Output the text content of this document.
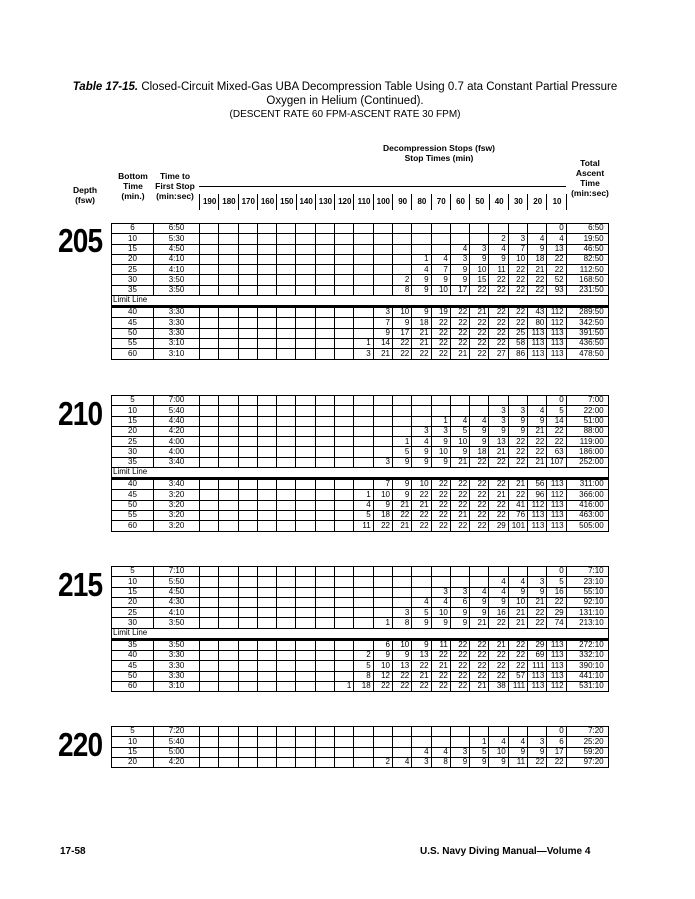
Table 17-15. Closed-Circuit Mixed-Gas UBA Decompression Table Using 0.7 ata Constant Partial Pressure
Oxygen in Helium (Continued).
(DESCENT RATE 60 FPM-ASCENT RATE 30 FPM)
Depth
(fsw)
Bottom
Time
(min.)
Time to
First Stop
(min:sec)
Decompression Stops (fsw)
Stop Times (min)	Total
Ascent
Time
(min:sec)
190 180 170 160 150 140 130 120 110 100	90	80	70	60	50	40	30	20	10
205	6	6:50																			0	6:50
10	5:30																2	3	4	4	19:50
15	4:50														4	3	4	7	9	13	46:50
20	4:10												1	4	3	9	9	10	18	22	82:50
25	4:10												4	7	9	10	11	22	21	22	112:50
30	3:50											2	9	9	9	15	22	22	22	52	168:50
35	3:50											8	9	10	17	22	22	22	22	93	231:50
Limit Line																					
40	3:30										3	10	9	19	22	21	22	22	43	112	289:50
45	3:30										7	9	18	22	22	22	22	22	80	112	342:50
50	3:30										9	17	21	22	22	22	22	25	113	113	391:50
55	3:10									1	14	22	21	22	22	22	22	58	113	113	436:50
60	3:10									3	21	22	22	22	21	22	27	86	113	113	478:50
210	5	7:00																			0	7:00
10	5:40																3	3	4	5	22:00
15	4:40													1	4	4	3	9	9	14	51:00
20	4:20												3	3	5	9	9	9	21	22	88:00
25	4:00											1	4	9	10	9	13	22	22	22	119:00
30	4:00											5	9	10	9	18	21	22	22	63	186:00
35	3:40										3	9	9	9	21	22	22	22	21	107	252:00
Limit Line																					
40	3:40										7	9	10	22	22	22	22	21	56	113	311:00
45	3:20									1	10	9	22	22	22	22	21	22	96	112	366:00
50	3:20									4	9	21	21	22	22	22	22	41	112	113	416:00
55	3:20									5	18	22	22	22	21	22	22	76	113	113	463:00
60	3:20									11	22	21	22	22	22	22	29	101	113	113	505:00
215	5	7:10																			0	7:10
10	5:50																4	4	3	5	23:10
15	4:50													3	3	4	4	9	9	16	55:10
20	4:30												4	4	6	9	9	10	21	22	92:10
25	4:10											3	5	10	9	9	16	21	22	29	131:10
30	3:50										1	8	9	9	9	21	22	21	22	74	213:10
Limit Line																					
35	3:50										6	10	9	11	22	22	21	22	29	113	272:10
40	3:30									2	9	9	13	22	22	22	22	22	69	113	332:10
45	3:30									5	10	13	22	21	22	22	22	22	111	113	390:10
50	3:30									8	12	22	21	22	22	22	22	57	113	113	441:10
60	3:10								1	18	22	22	22	22	22	21	38	111	113	112	531:10
220	5	7:20																			0	7:20
10	5:40															1	4	4	3	6	25:20
15	5:00												4	4	3	5	10	9	9	17	59:20
20	4:20										2	4	3	8	9	9	9	11	22	22	97:20
17-58	U.S. Navy Diving Manual—Volume 4
